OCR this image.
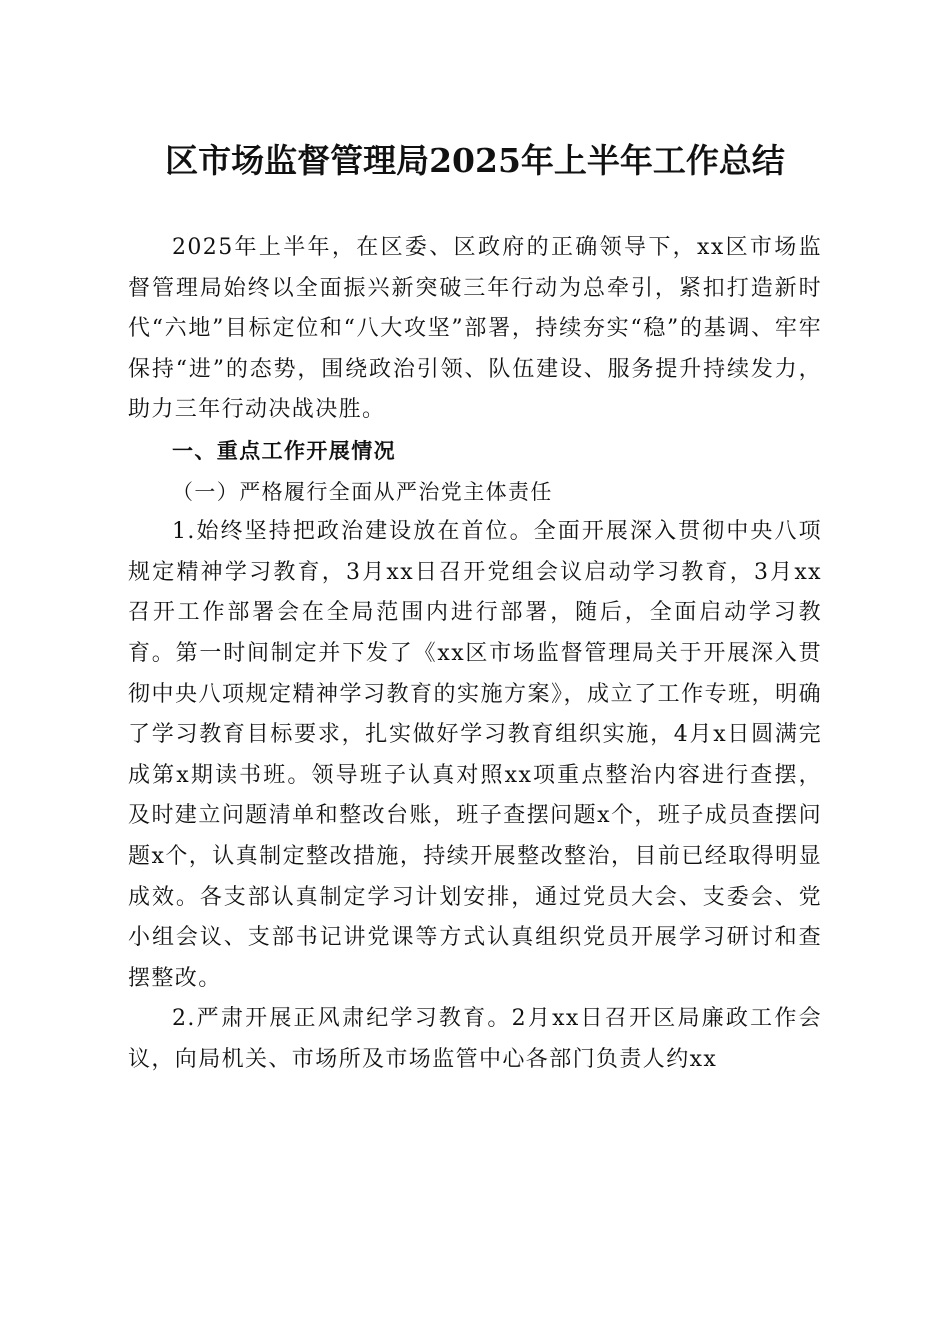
区市场监督管理局2025年上半年工作总结

2025年上半年，在区委、区政府的正确领导下，xx区市场监督管理局始终以全面振兴新突破三年行动为总牵引，紧扣打造新时代“六地”目标定位和“八大攻坚”部署，持续夯实“稳”的基调、牢牢保持“进”的态势，围绕政治引领、队伍建设、服务提升持续发力，助力三年行动决战决胜。

一、重点工作开展情况

（一）严格履行全面从严治党主体责任

1.始终坚持把政治建设放在首位。全面开展深入贯彻中央八项规定精神学习教育，3月xx日召开党组会议启动学习教育，3月xx召开工作部署会在全局范围内进行部署，随后，全面启动学习教育。第一时间制定并下发了《xx区市场监督管理局关于开展深入贯彻中央八项规定精神学习教育的实施方案》，成立了工作专班，明确了学习教育目标要求，扎实做好学习教育组织实施，4月x日圆满完成第x期读书班。领导班子认真对照xx项重点整治内容进行查摆，及时建立问题清单和整改台账，班子查摆问题x个，班子成员查摆问题x个，认真制定整改措施，持续开展整改整治，目前已经取得明显成效。各支部认真制定学习计划安排，通过党员大会、支委会、党小组会议、支部书记讲党课等方式认真组织党员开展学习研讨和查摆整改。

2.严肃开展正风肃纪学习教育。2月xx日召开区局廉政工作会议，向局机关、市场所及市场监管中心各部门负责人约xx
